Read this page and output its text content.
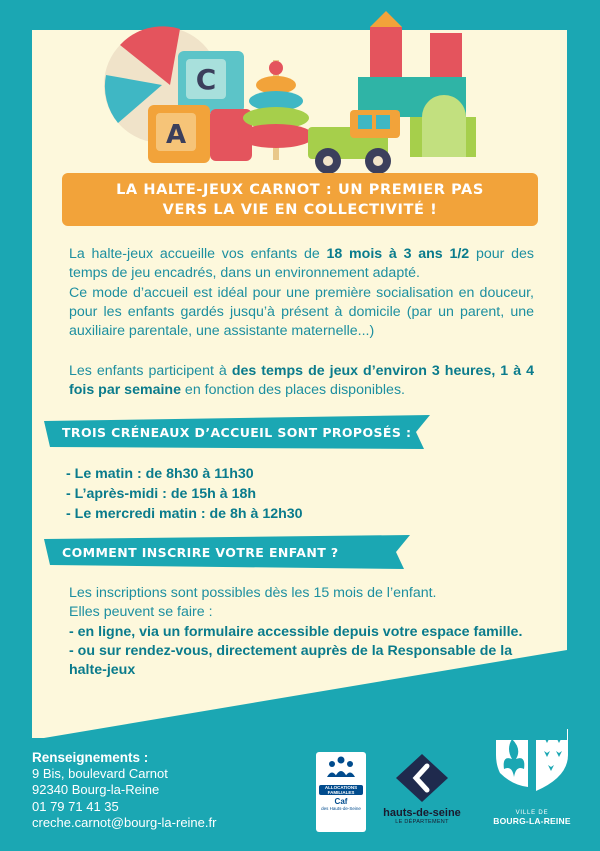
C
A
LA HALTE-JEUX CARNOT : UN PREMIER PAS
VERS LA VIE EN COLLECTIVITÉ !
La halte-jeux accueille vos enfants de 18 mois à 3 ans 1/2 pour des temps de jeu encadrés, dans un environnement adapté.
Ce mode d’accueil est idéal pour une première socialisation en douceur, pour les enfants gardés jusqu’à présent à domicile (par un parent, une auxiliaire parentale, une assistante maternelle...)
Les enfants participent à des temps de jeux d’environ 3 heures, 1 à 4 fois par semaine en fonction des places disponibles.
TROIS CRÉNEAUX D’ACCUEIL SONT PROPOSÉS :
- Le matin : de 8h30 à 11h30
- L’après-midi : de 15h à 18h
- Le mercredi matin : de 8h à 12h30
COMMENT INSCRIRE VOTRE ENFANT ?
Les inscriptions sont possibles dès les 15 mois de l’enfant.
Elles peuvent se faire :
- en ligne, via un formulaire accessible depuis votre espace famille.
- ou sur rendez-vous, directement auprès de la Responsable de la halte-jeux
Renseignements :
9 Bis, boulevard Carnot
92340 Bourg-la-Reine
01 79 71 41 35
creche.carnot@bourg-la-reine.fr
ALLOCATIONS
FAMILIALES
Caf
des Hauts-de-Seine hauts-de-seine
LE DÉPARTEMENT
VILLE DE
BOURG-LA-REINE
